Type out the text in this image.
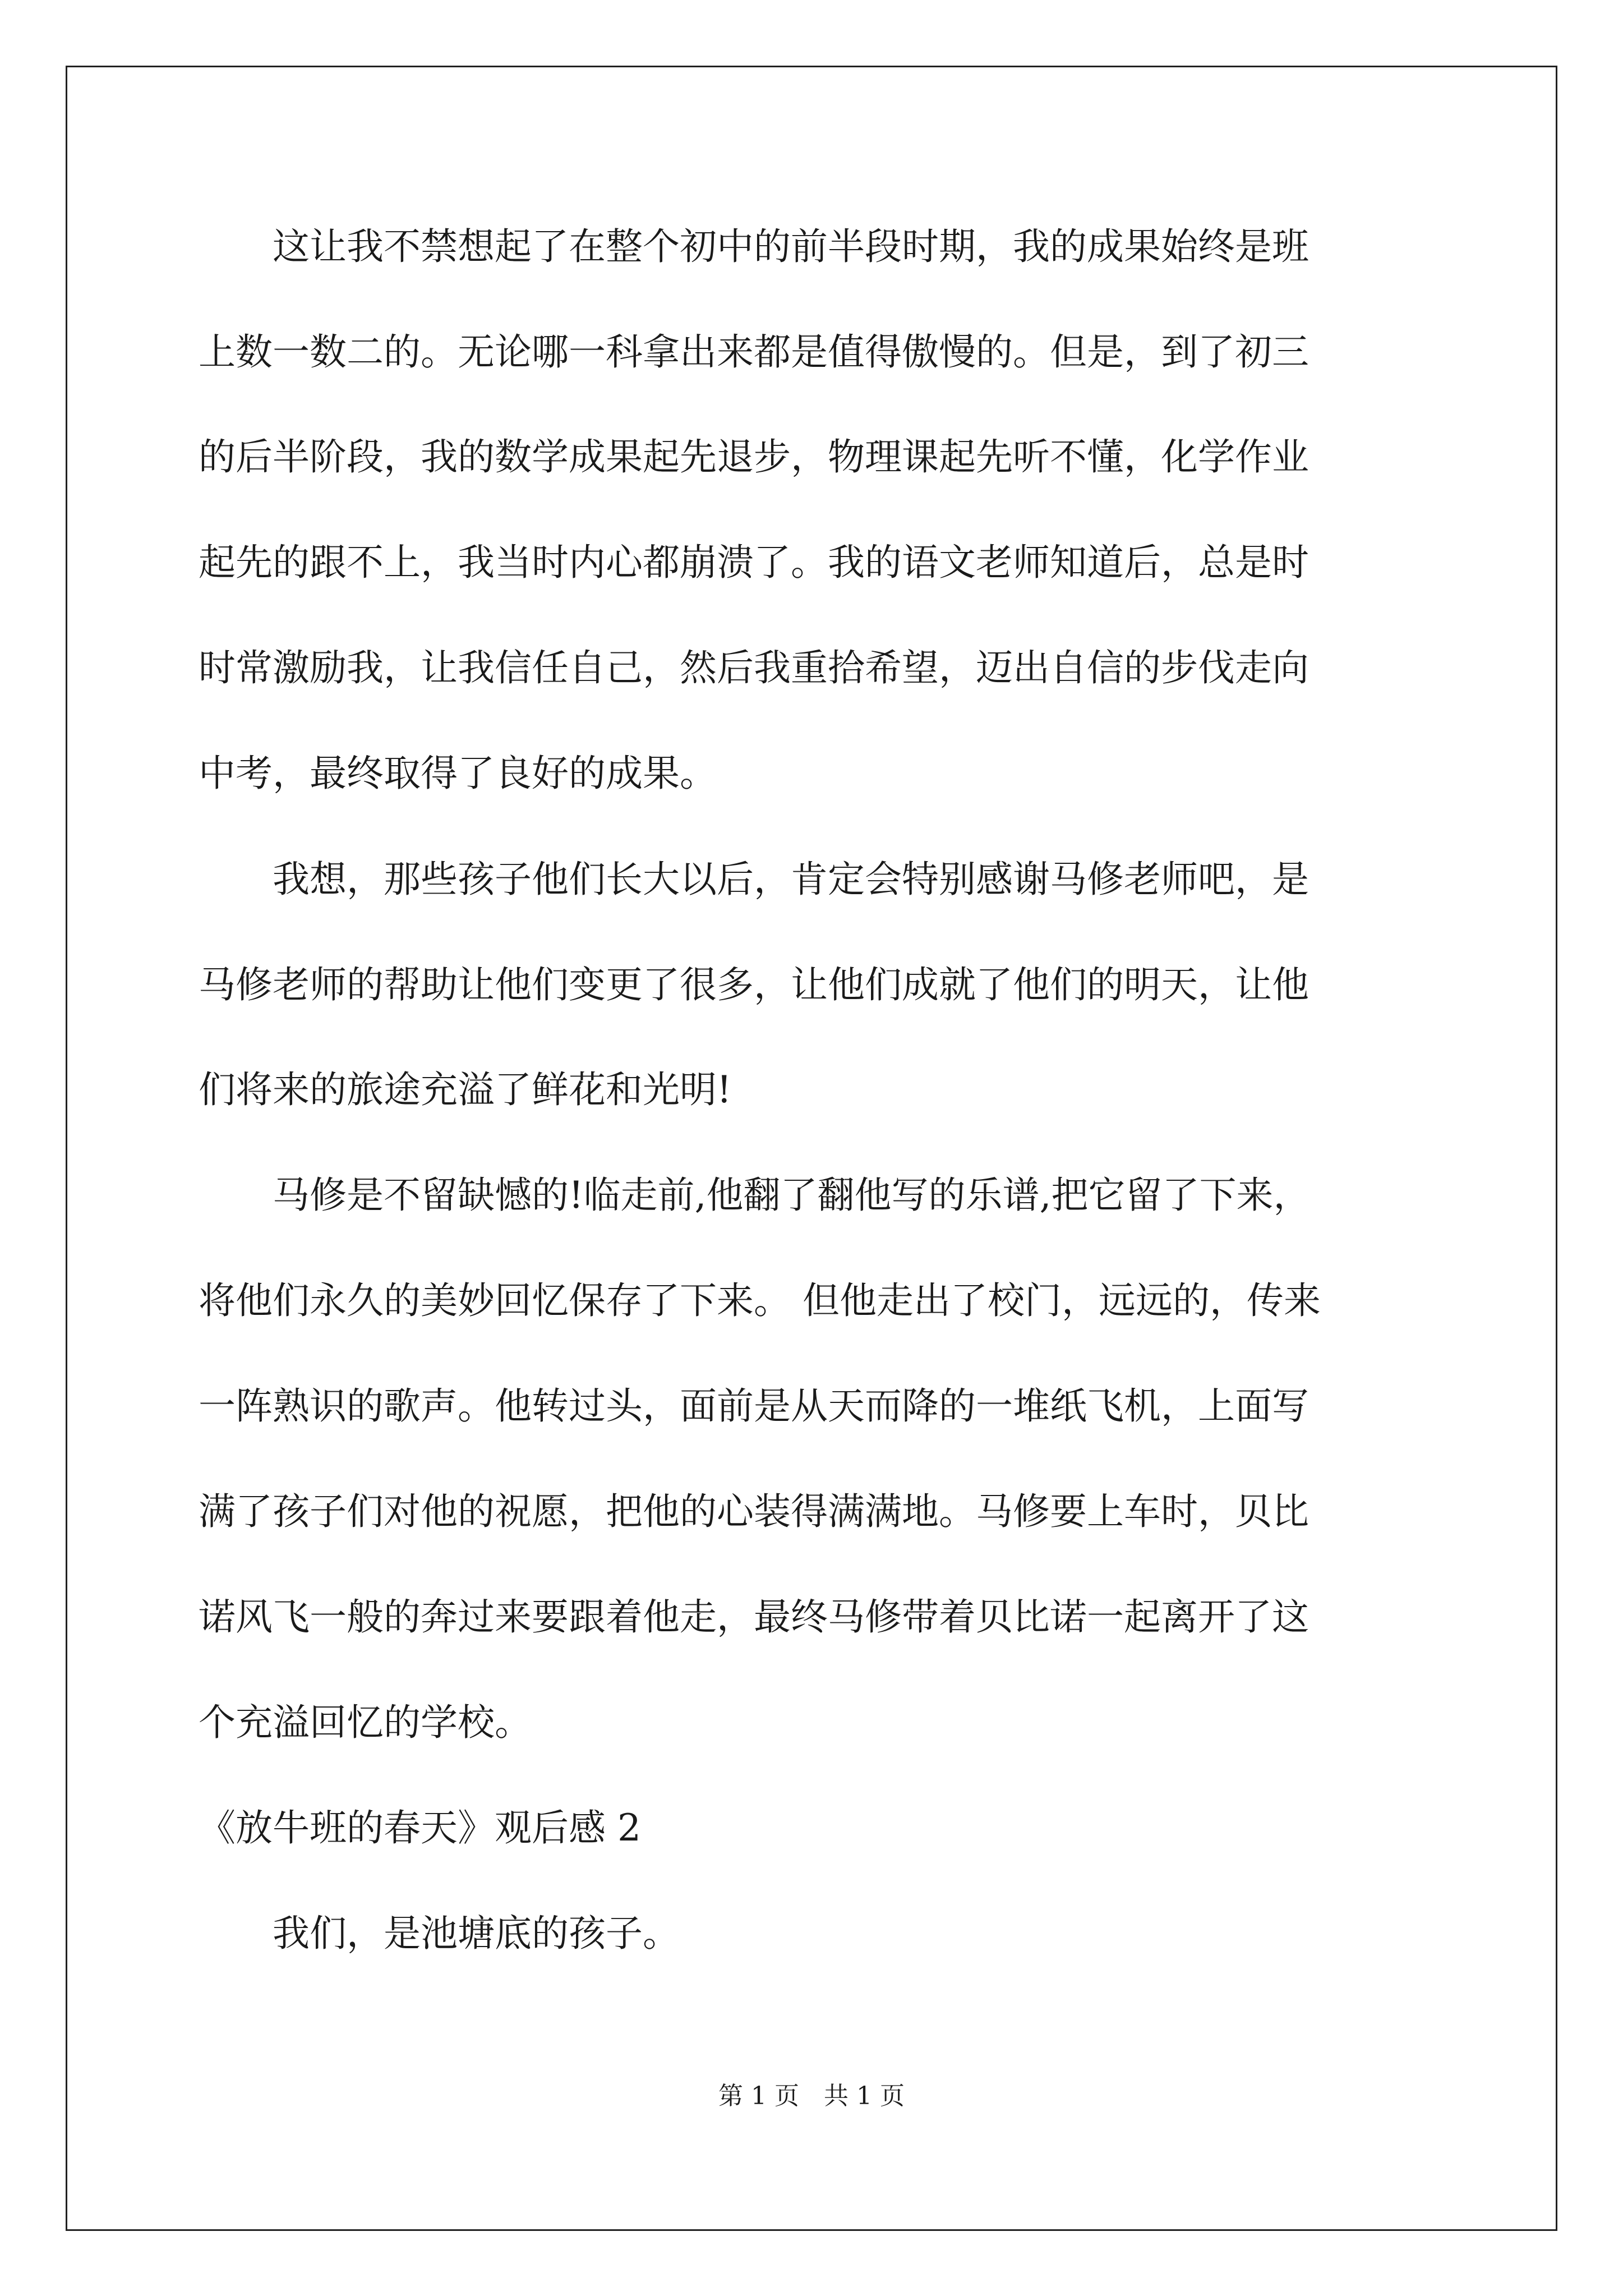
　　这让我不禁想起了在整个初中的前半段时期，我的成果始终是班
上数一数二的。无论哪一科拿出来都是值得傲慢的。但是，到了初三
的后半阶段，我的数学成果起先退步，物理课起先听不懂，化学作业
起先的跟不上，我当时内心都崩溃了。我的语文老师知道后，总是时
时常激励我，让我信任自己，然后我重拾希望，迈出自信的步伐走向
中考，最终取得了良好的成果。
　　我想，那些孩子他们长大以后，肯定会特别感谢马修老师吧，是
马修老师的帮助让他们变更了很多，让他们成就了他们的明天，让他
们将来的旅途充溢了鲜花和光明!
　　马修是不留缺憾的!临走前,他翻了翻他写的乐谱,把它留了下来，
将他们永久的美妙回忆保存了下来。 但他走出了校门，远远的，传来
一阵熟识的歌声。他转过头，面前是从天而降的一堆纸飞机，上面写
满了孩子们对他的祝愿，把他的心装得满满地。马修要上车时，贝比
诺风飞一般的奔过来要跟着他走，最终马修带着贝比诺一起离开了这
个充溢回忆的学校。
《放牛班的春天》观后感 2
　　我们，是池塘底的孩子。
第 1 页　共 1 页
